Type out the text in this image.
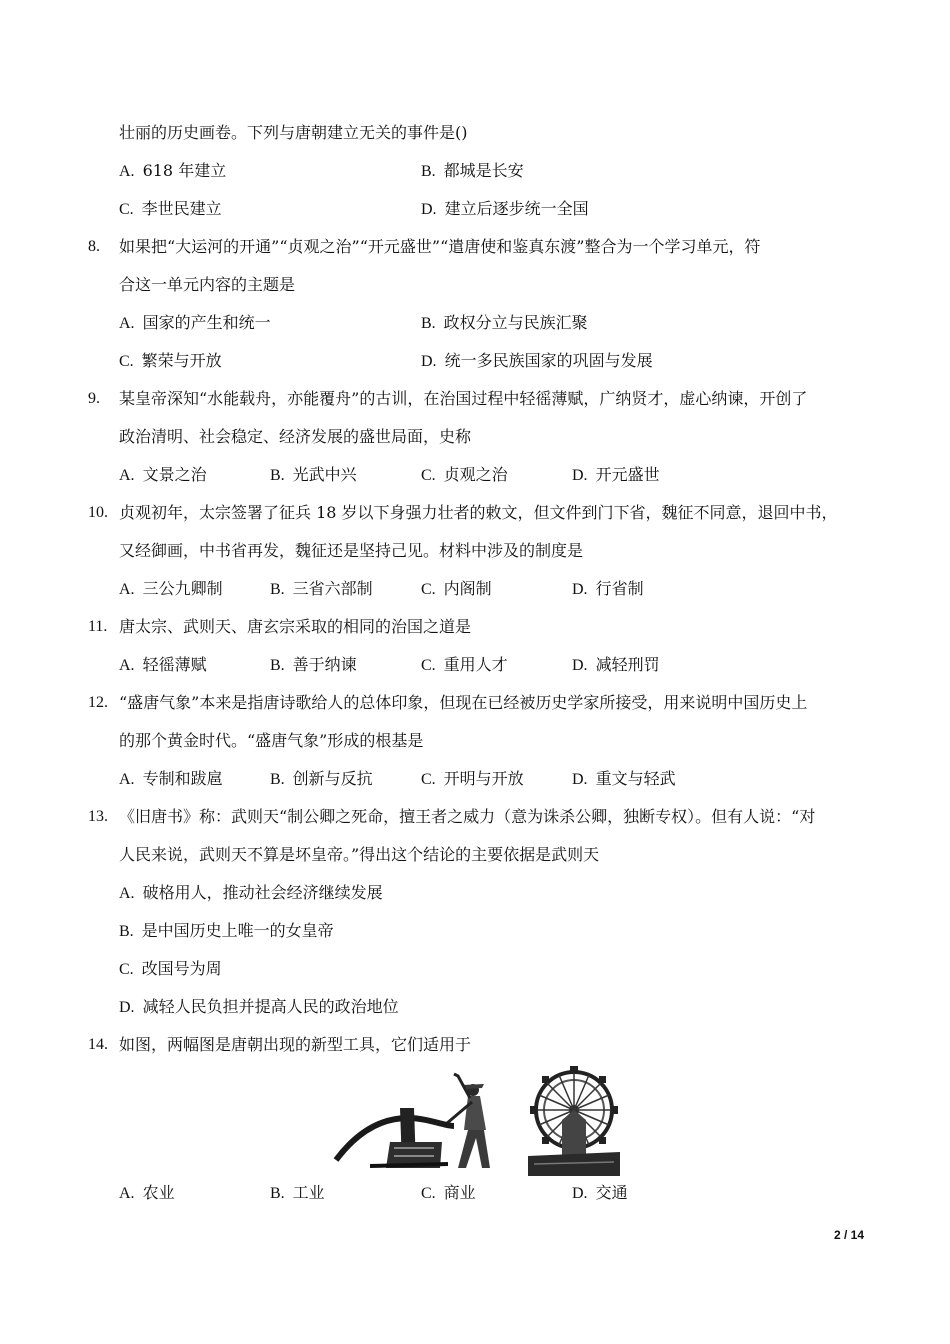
壮丽的历史画卷。下列与唐朝建立无关的事件是()
A. 618 年建立	B. 都城是长安
C. 李世民建立	D. 建立后逐步统一全国
8. 如果把“大运河的开通”“贞观之治”“开元盛世”“遣唐使和鉴真东渡”整合为一个学习单元，符
合这一单元内容的主题是
A. 国家的产生和统一	B. 政权分立与民族汇聚
C. 繁荣与开放	D. 统一多民族国家的巩固与发展
9. 某皇帝深知“水能载舟，亦能覆舟”的古训，在治国过程中轻徭薄赋，广纳贤才，虚心纳谏，开创了
政治清明、社会稳定、经济发展的盛世局面，史称
A. 文景之治	B. 光武中兴	C. 贞观之治	D. 开元盛世
10. 贞观初年，太宗签署了征兵 18 岁以下身强力壮者的敕文，但文件到门下省，魏征不同意，退回中书，
又经御画，中书省再发，魏征还是坚持己见。材料中涉及的制度是
A. 三公九卿制	B. 三省六部制	C. 内阁制	D. 行省制
11. 唐太宗、武则天、唐玄宗采取的相同的治国之道是
A. 轻徭薄赋	B. 善于纳谏	C. 重用人才	D. 减轻刑罚
12. “盛唐气象”本来是指唐诗歌给人的总体印象，但现在已经被历史学家所接受，用来说明中国历史上
的那个黄金时代。“盛唐气象”形成的根基是
A. 专制和跋扈	B. 创新与反抗	C. 开明与开放	D. 重文与轻武
13. 《旧唐书》称：武则天“制公卿之死命，擅王者之威力（意为诛杀公卿，独断专权）。但有人说：“对
人民来说，武则天不算是坏皇帝。”得出这个结论的主要依据是武则天
A. 破格用人，推动社会经济继续发展
B. 是中国历史上唯一的女皇帝
C. 改国号为周
D. 减轻人民负担并提高人民的政治地位
14. 如图，两幅图是唐朝出现的新型工具，它们适用于
A. 农业	B. 工业	C. 商业	D. 交通
2 / 14
